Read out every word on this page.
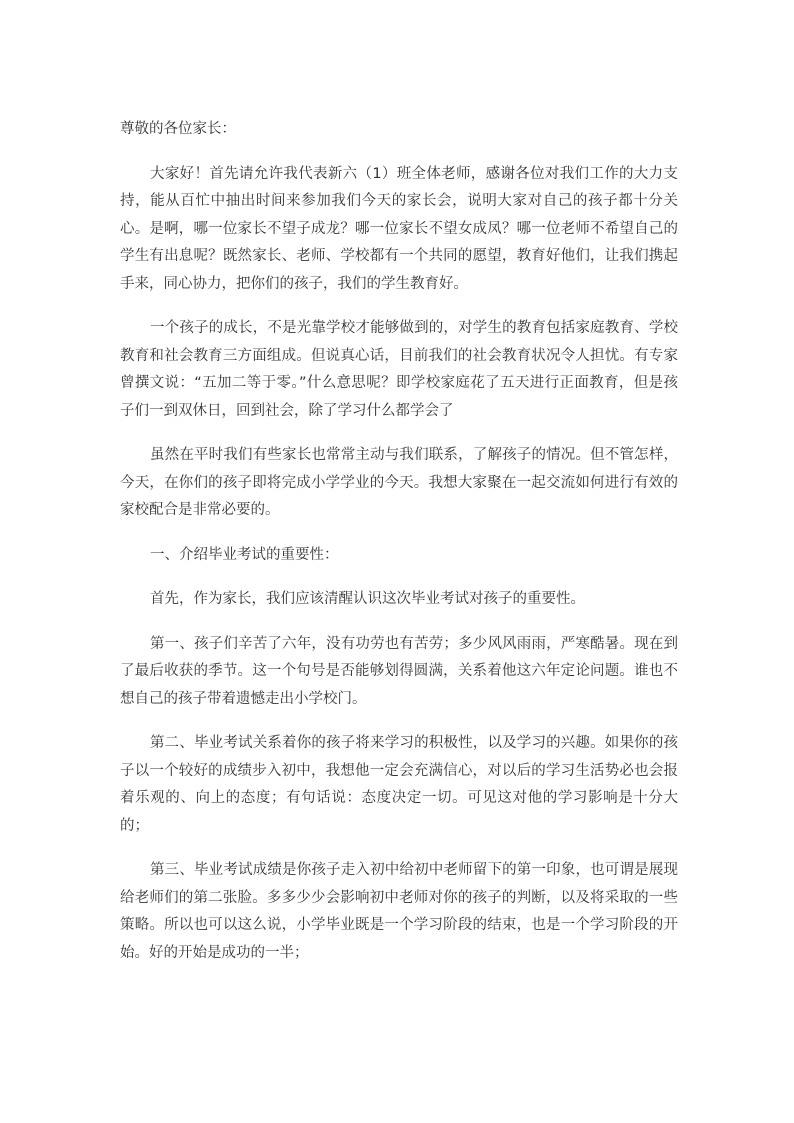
尊敬的各位家长：

大家好！首先请允许我代表新六（1）班全体老师，感谢各位对我们工作的大力支持，能从百忙中抽出时间来参加我们今天的家长会，说明大家对自己的孩子都十分关心。是啊，哪一位家长不望子成龙？哪一位家长不望女成凤？哪一位老师不希望自己的学生有出息呢？既然家长、老师、学校都有一个共同的愿望，教育好他们，让我们携起手来，同心协力，把你们的孩子，我们的学生教育好。

一个孩子的成长，不是光靠学校才能够做到的，对学生的教育包括家庭教育、学校教育和社会教育三方面组成。但说真心话，目前我们的社会教育状况令人担忧。有专家曾撰文说：“五加二等于零。”什么意思呢？即学校家庭花了五天进行正面教育，但是孩子们一到双休日，回到社会，除了学习什么都学会了

虽然在平时我们有些家长也常常主动与我们联系，了解孩子的情况。但不管怎样，今天，在你们的孩子即将完成小学学业的今天。我想大家聚在一起交流如何进行有效的家校配合是非常必要的。

一、介绍毕业考试的重要性：

首先，作为家长，我们应该清醒认识这次毕业考试对孩子的重要性。

第一、孩子们辛苦了六年，没有功劳也有苦劳；多少风风雨雨，严寒酷暑。现在到了最后收获的季节。这一个句号是否能够划得圆满，关系着他这六年定论问题。谁也不想自己的孩子带着遗憾走出小学校门。

第二、毕业考试关系着你的孩子将来学习的积极性，以及学习的兴趣。如果你的孩子以一个较好的成绩步入初中，我想他一定会充满信心，对以后的学习生活势必也会报着乐观的、向上的态度；有句话说：态度决定一切。可见这对他的学习影响是十分大的；

第三、毕业考试成绩是你孩子走入初中给初中老师留下的第一印象，也可谓是展现给老师们的第二张脸。多多少少会影响初中老师对你的孩子的判断，以及将采取的一些策略。所以也可以这么说，小学毕业既是一个学习阶段的结束，也是一个学习阶段的开始。好的开始是成功的一半；
